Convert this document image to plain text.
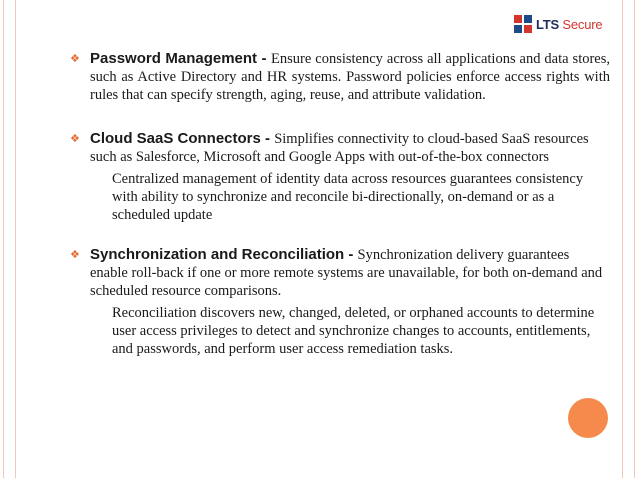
LTS Secure
❖ Password Management - Ensure consistency across all applications and data stores, such as Active Directory and HR systems. Password policies enforce access rights with rules that can specify strength, aging, reuse, and attribute validation.
❖ Cloud SaaS Connectors - Simplifies connectivity to cloud-based SaaS resources such as Salesforce, Microsoft and Google Apps with out-of-the-box connectors
Centralized management of identity data across resources guarantees consistency with ability to synchronize and reconcile bi-directionally, on-demand or as a scheduled update
❖ Synchronization and Reconciliation - Synchronization delivery guarantees enable roll-back if one or more remote systems are unavailable, for both on-demand and scheduled resource comparisons.
Reconciliation discovers new, changed, deleted, or orphaned accounts to determine user access privileges to detect and synchronize changes to accounts, entitlements, and passwords, and perform user access remediation tasks.
